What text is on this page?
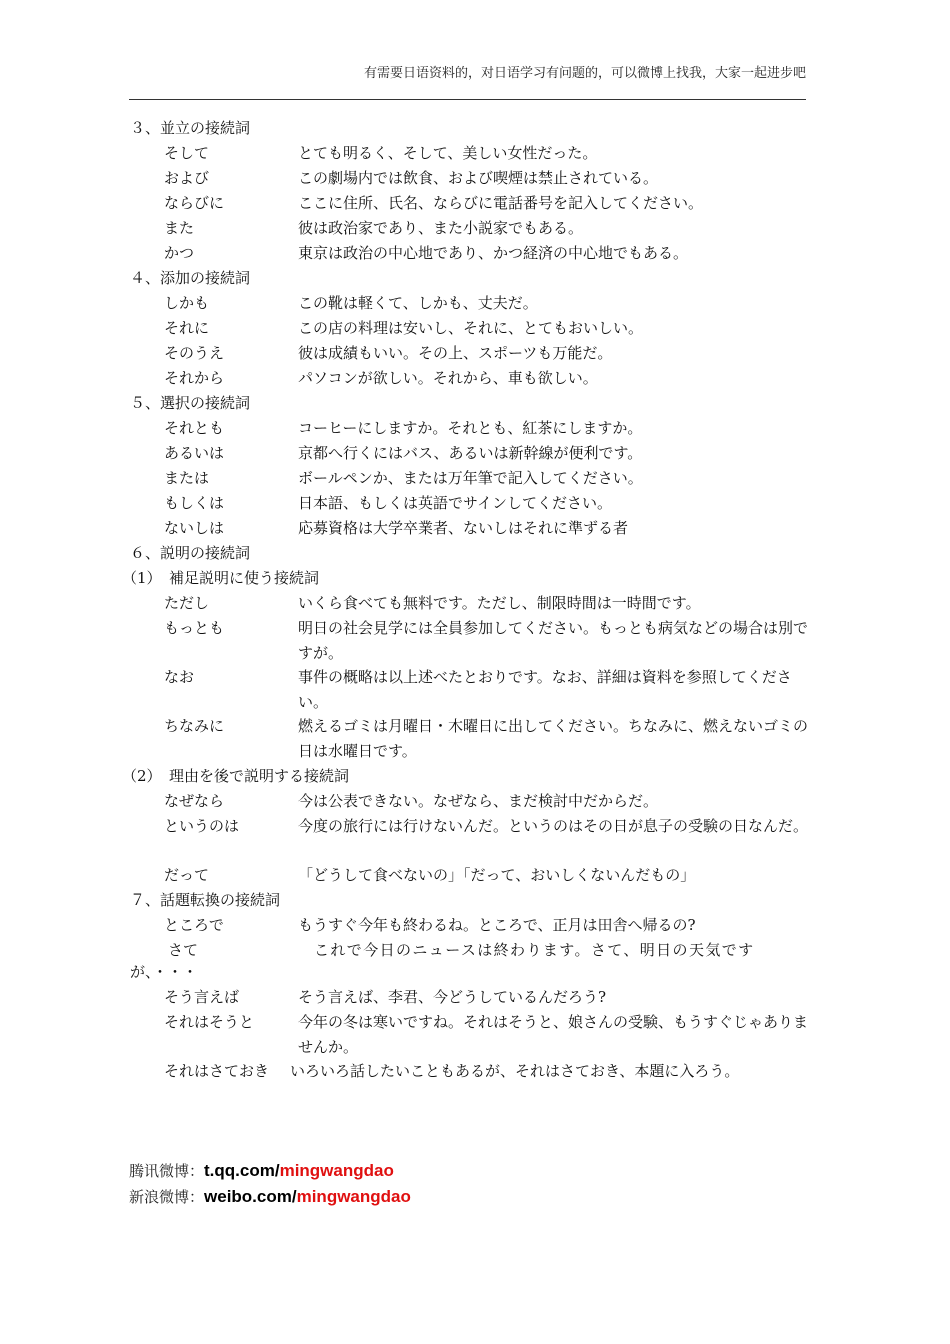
有需要日语资料的，对日语学习有问题的，可以微博上找我，大家一起进步吧
３、並立の接続詞
そして	とても明るく、そして、美しい女性だった。
および	この劇場内では飲食、および喫煙は禁止されている。
ならびに	ここに住所、氏名、ならびに電話番号を記入してください。
また	彼は政治家であり、また小説家でもある。
かつ	東京は政治の中心地であり、かつ経済の中心地でもある。
４、添加の接続詞
しかも	この靴は軽くて、しかも、丈夫だ。
それに	この店の料理は安いし、それに、とてもおいしい。
そのうえ	彼は成績もいい。その上、スポーツも万能だ。
それから	パソコンが欲しい。それから、車も欲しい。
５、選択の接続詞
それとも	コーヒーにしますか。それとも、紅茶にしますか。
あるいは	京都へ行くにはバス、あるいは新幹線が便利です。
または	ボールペンか、または万年筆で記入してください。
もしくは	日本語、もしくは英語でサインしてください。
ないしは	応募資格は大学卒業者、ないしはそれに準ずる者
６、説明の接続詞
（1）　補足説明に使う接続詞
ただし	いくら食べても無料です。ただし、制限時間は一時間です。
もっとも	明日の社会見学には全員参加してください。もっとも病気などの場合は別ですが。
なお	事件の概略は以上述べたとおりです。なお、詳細は資料を参照してください。
ちなみに	燃えるゴミは月曜日・木曜日に出してください。ちなみに、燃えないゴミの日は水曜日です。
（2）　理由を後で説明する接続詞
なぜなら	今は公表できない。なぜなら、まだ検討中だからだ。
というのは	今度の旅行には行けないんだ。というのはその日が息子の受験の日なんだ。
だって	「どうして食べないの」「だって、おいしくないんだもの」
７、話題転換の接続詞
ところで	もうすぐ今年も終わるね。ところで、正月は田舎へ帰るの?
さて	これで今日のニュースは終わります。さて、明日の天気です
が、・・・
そう言えば	そう言えば、李君、今どうしているんだろう?
それはそうと	今年の冬は寒いですね。それはそうと、娘さんの受験、もうすぐじゃありませんか。
それはさておき いろいろ話したいこともあるが、それはさておき、本題に入ろう。
腾讯微博：t.qq.com/mingwangdao
新浪微博：weibo.com/mingwangdao
